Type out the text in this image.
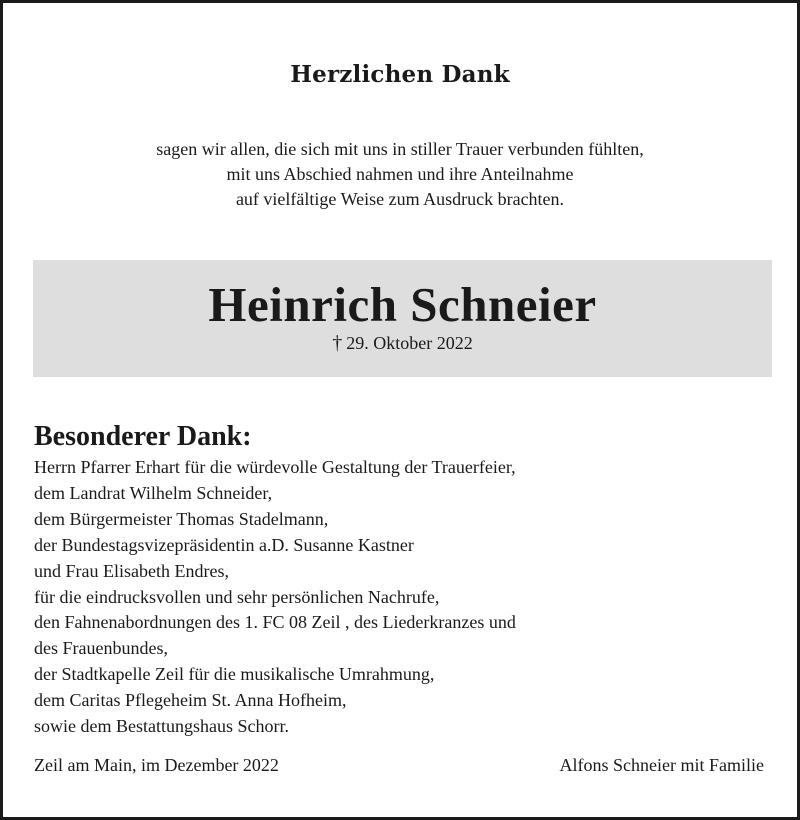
Herzlichen Dank
sagen wir allen, die sich mit uns in stiller Trauer verbunden fühlten,
mit uns Abschied nahmen und ihre Anteilnahme
auf vielfältige Weise zum Ausdruck brachten.
Heinrich Schneier
† 29. Oktober 2022
Besonderer Dank:
Herrn Pfarrer Erhart für die würdevolle Gestaltung der Trauerfeier,
dem Landrat Wilhelm Schneider,
dem Bürgermeister Thomas Stadelmann,
der Bundestagsvizepräsidentin a.D. Susanne Kastner
und Frau Elisabeth Endres,
für die eindrucksvollen und sehr persönlichen Nachrufe,
den Fahnenabordnungen des 1. FC 08 Zeil , des Liederkranzes und
des Frauenbundes,
der Stadtkapelle Zeil für die musikalische Umrahmung,
dem Caritas Pflegeheim St. Anna Hofheim,
sowie dem Bestattungshaus Schorr.
Zeil am Main, im Dezember 2022	Alfons Schneier mit Familie
